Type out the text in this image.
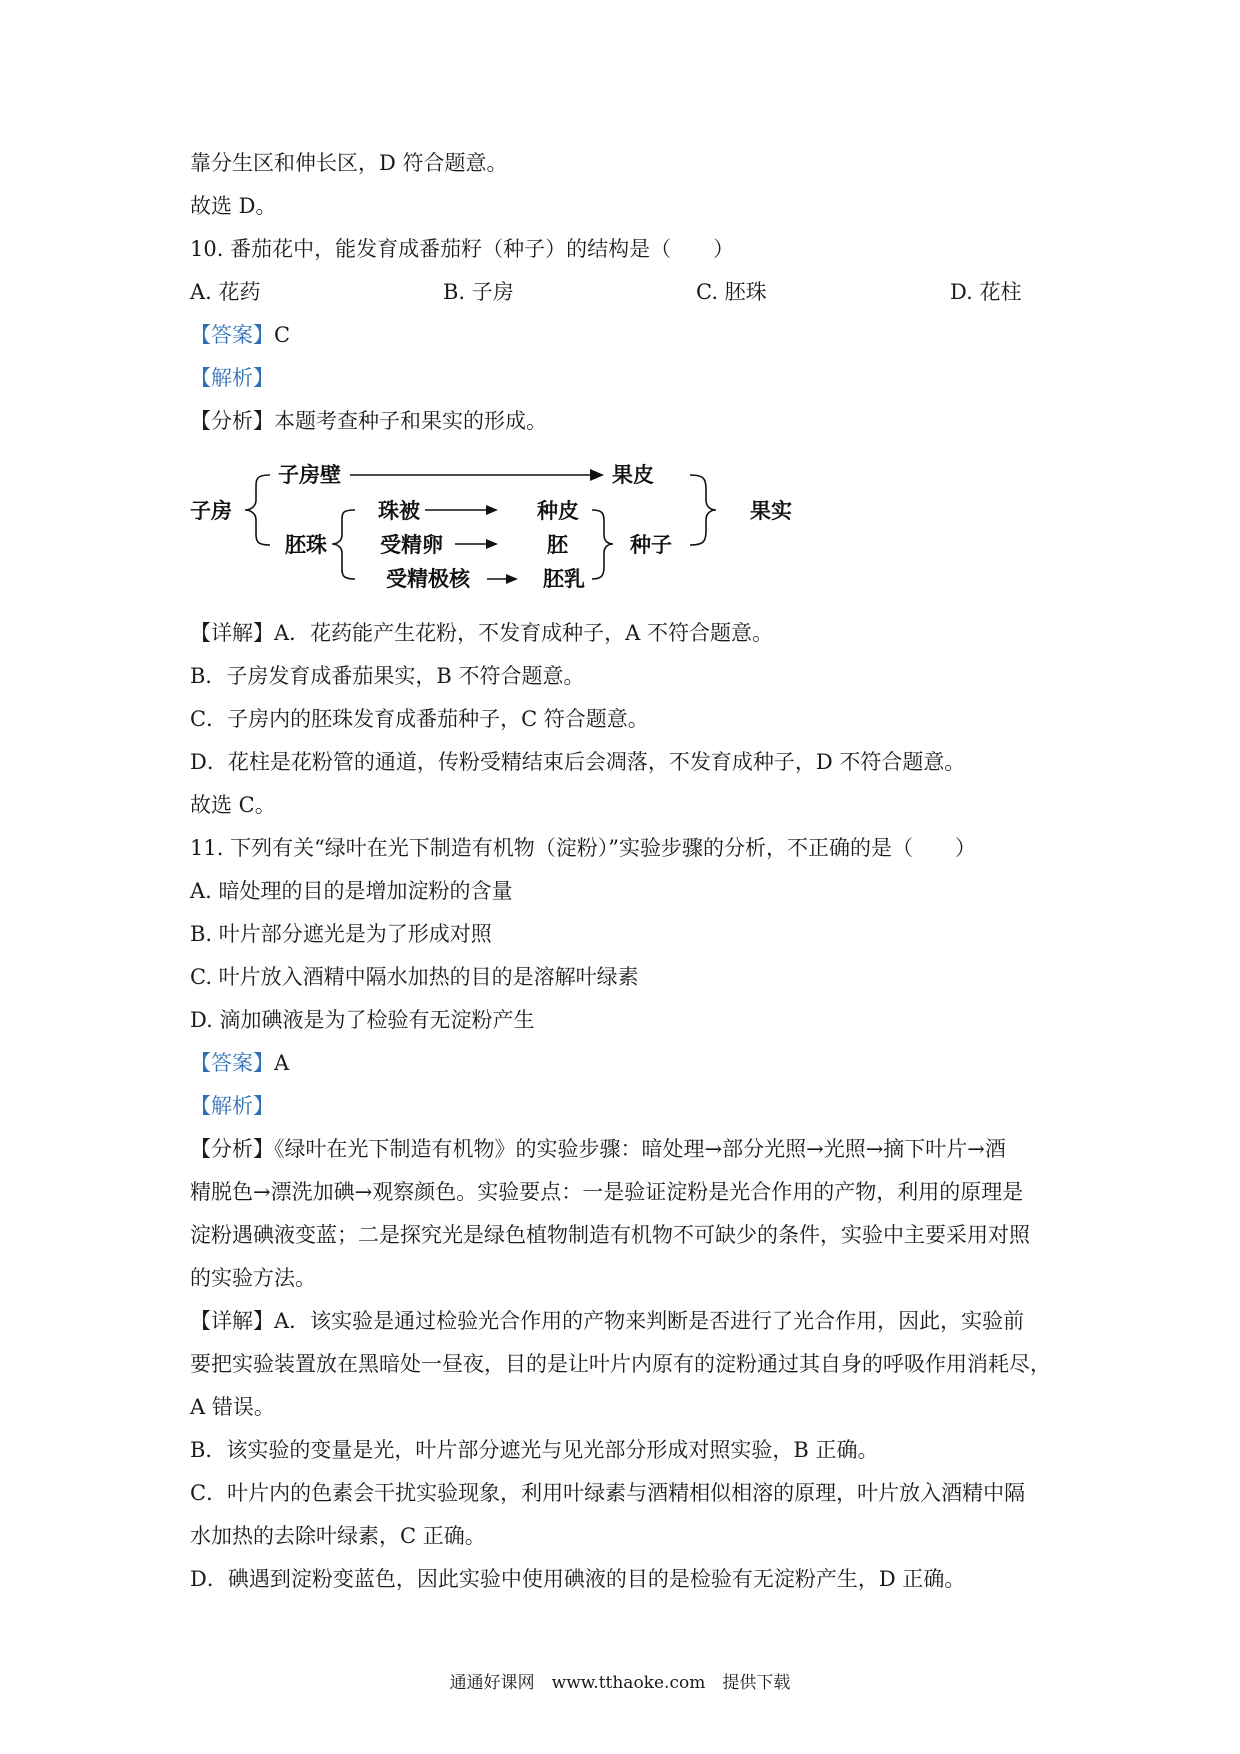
靠分生区和伸长区，D 符合题意。
故选 D。
10. 番茄花中，能发育成番茄籽（种子）的结构是（　　）
A. 花药	B. 子房	C. 胚珠	D. 花柱
【答案】C
【解析】
【分析】本题考查种子和果实的形成。
子房
子房壁	果皮
胚珠
珠被	种皮
受精卵	胚
受精极核	胚乳
种子
果实
【详解】A．花药能产生花粉，不发育成种子，A 不符合题意。
B．子房发育成番茄果实，B 不符合题意。
C．子房内的胚珠发育成番茄种子，C 符合题意。
D．花柱是花粉管的通道，传粉受精结束后会凋落，不发育成种子，D 不符合题意。
故选 C。
11. 下列有关“绿叶在光下制造有机物（淀粉）”实验步骤的分析，不正确的是（　　）
A. 暗处理的目的是增加淀粉的含量
B. 叶片部分遮光是为了形成对照
C. 叶片放入酒精中隔水加热的目的是溶解叶绿素
D. 滴加碘液是为了检验有无淀粉产生
【答案】A
【解析】
【分析】《绿叶在光下制造有机物》的实验步骤：暗处理→部分光照→光照→摘下叶片→酒
精脱色→漂洗加碘→观察颜色。实验要点：一是验证淀粉是光合作用的产物，利用的原理是
淀粉遇碘液变蓝；二是探究光是绿色植物制造有机物不可缺少的条件，实验中主要采用对照
的实验方法。
【详解】A．该实验是通过检验光合作用的产物来判断是否进行了光合作用，因此，实验前
要把实验装置放在黑暗处一昼夜，目的是让叶片内原有的淀粉通过其自身的呼吸作用消耗尽，
A 错误。
B．该实验的变量是光，叶片部分遮光与见光部分形成对照实验，B 正确。
C．叶片内的色素会干扰实验现象，利用叶绿素与酒精相似相溶的原理，叶片放入酒精中隔
水加热的去除叶绿素，C 正确。
D．碘遇到淀粉变蓝色，因此实验中使用碘液的目的是检验有无淀粉产生，D 正确。
通通好课网　www.tthaoke.com　提供下载
